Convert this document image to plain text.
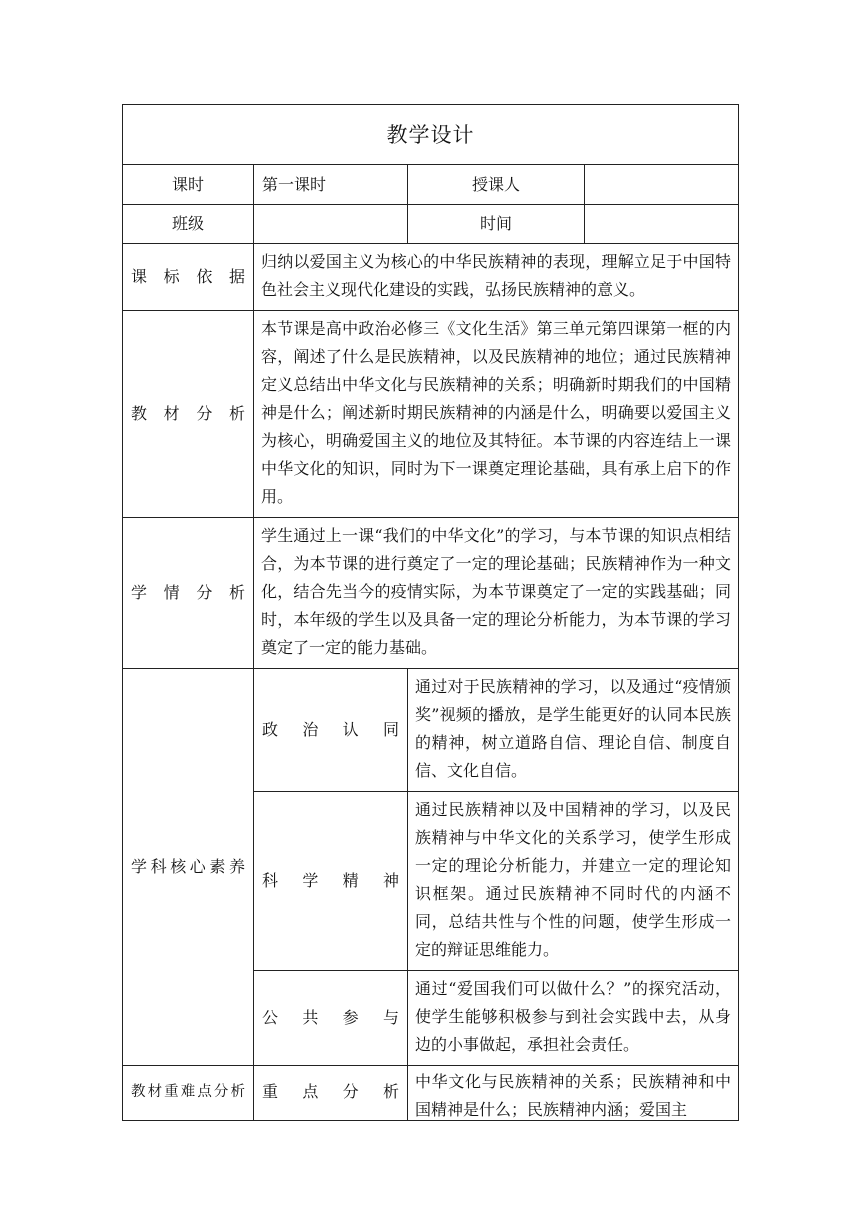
教学设计			
课时	第一课时	授课人	
班级		时间	
课标依据	归纳以爱国主义为核心的中华民族精神的表现，理解立足于中国特色社会主义现代化建设的实践，弘扬民族精神的意义。		
教材分析	本节课是高中政治必修三《文化生活》第三单元第四课第一框的内容，阐述了什么是民族精神，以及民族精神的地位；通过民族精神定义总结出中华文化与民族精神的关系；明确新时期我们的中国精神是什么；阐述新时期民族精神的内涵是什么，明确要以爱国主义为核心，明确爱国主义的地位及其特征。本节课的内容连结上一课中华文化的知识，同时为下一课奠定理论基础，具有承上启下的作用。		
学情分析	学生通过上一课“我们的中华文化”的学习，与本节课的知识点相结合，为本节课的进行奠定了一定的理论基础；民族精神作为一种文化，结合先当今的疫情实际，为本节课奠定了一定的实践基础；同时，本年级的学生以及具备一定的理论分析能力，为本节课的学习奠定了一定的能力基础。		
学科核心素养	政治认同	通过对于民族精神的学习，以及通过“疫情颁奖”视频的播放，是学生能更好的认同本民族的精神，树立道路自信、理论自信、制度自信、文化自信。	
	科学精神	通过民族精神以及中国精神的学习，以及民族精神与中华文化的关系学习，使学生形成一定的理论分析能力，并建立一定的理论知识框架。通过民族精神不同时代的内涵不同，总结共性与个性的问题，使学生形成一定的辩证思维能力。	
	公共参与	通过“爱国我们可以做什么？”的探究活动，使学生能够积极参与到社会实践中去，从身边的小事做起，承担社会责任。	
教材重难点分析	重点分析	中华文化与民族精神的关系；民族精神和中国精神是什么；民族精神内涵；爱国主	
